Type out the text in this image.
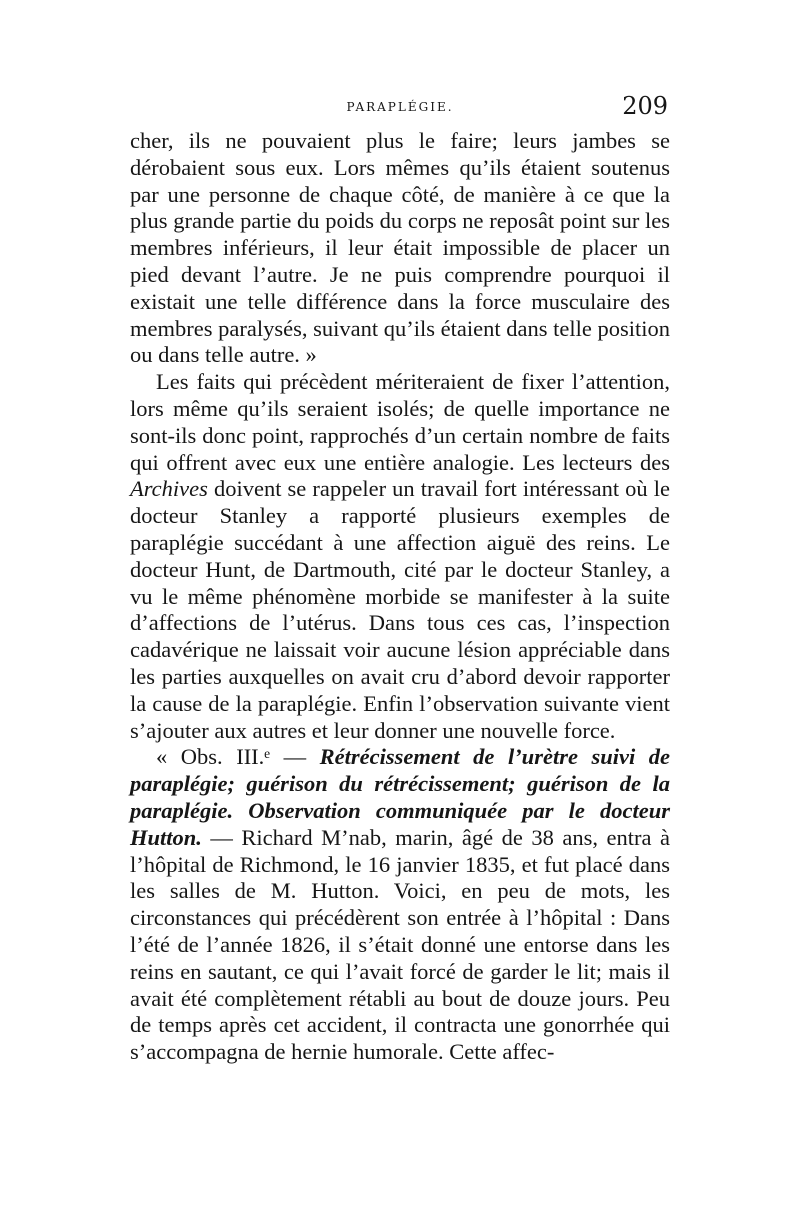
PARAPLÉGIE.	209

cher, ils ne pouvaient plus le faire; leurs jambes se dérobaient sous eux. Lors mêmes qu’ils étaient soutenus par une personne de chaque côté, de manière à ce que la plus grande partie du poids du corps ne reposât point sur les membres inférieurs, il leur était impossible de placer un pied devant l’autre. Je ne puis comprendre pourquoi il existait une telle différence dans la force musculaire des membres paralysés, suivant qu’ils étaient dans telle position ou dans telle autre. »

Les faits qui précèdent mériteraient de fixer l’attention, lors même qu’ils seraient isolés; de quelle importance ne sont-ils donc point, rapprochés d’un certain nombre de faits qui offrent avec eux une entière analogie. Les lecteurs des Archives doivent se rappeler un travail fort intéressant où le docteur Stanley a rapporté plusieurs exemples de paraplégie succédant à une affection aiguë des reins. Le docteur Hunt, de Dartmouth, cité par le docteur Stanley, a vu le même phénomène morbide se manifester à la suite d’affections de l’utérus. Dans tous ces cas, l’inspection cadavérique ne laissait voir aucune lésion appréciable dans les parties auxquelles on avait cru d’abord devoir rapporter la cause de la paraplégie. Enfin l’observation suivante vient s’ajouter aux autres et leur donner une nouvelle force.

« Obs. III.ᵉ — Rétrécissement de l’urètre suivi de paraplégie; guérison du rétrécissement; guérison de la paraplégie. Observation communiquée par le docteur Hutton. — Richard M’nab, marin, âgé de 38 ans, entra à l’hôpital de Richmond, le 16 janvier 1835, et fut placé dans les salles de M. Hutton. Voici, en peu de mots, les circonstances qui précédèrent son entrée à l’hôpital : Dans l’été de l’année 1826, il s’était donné une entorse dans les reins en sautant, ce qui l’avait forcé de garder le lit; mais il avait été complètement rétabli au bout de douze jours. Peu de temps après cet accident, il contracta une gonorrhée qui s’accompagna de hernie humorale. Cette affec-
